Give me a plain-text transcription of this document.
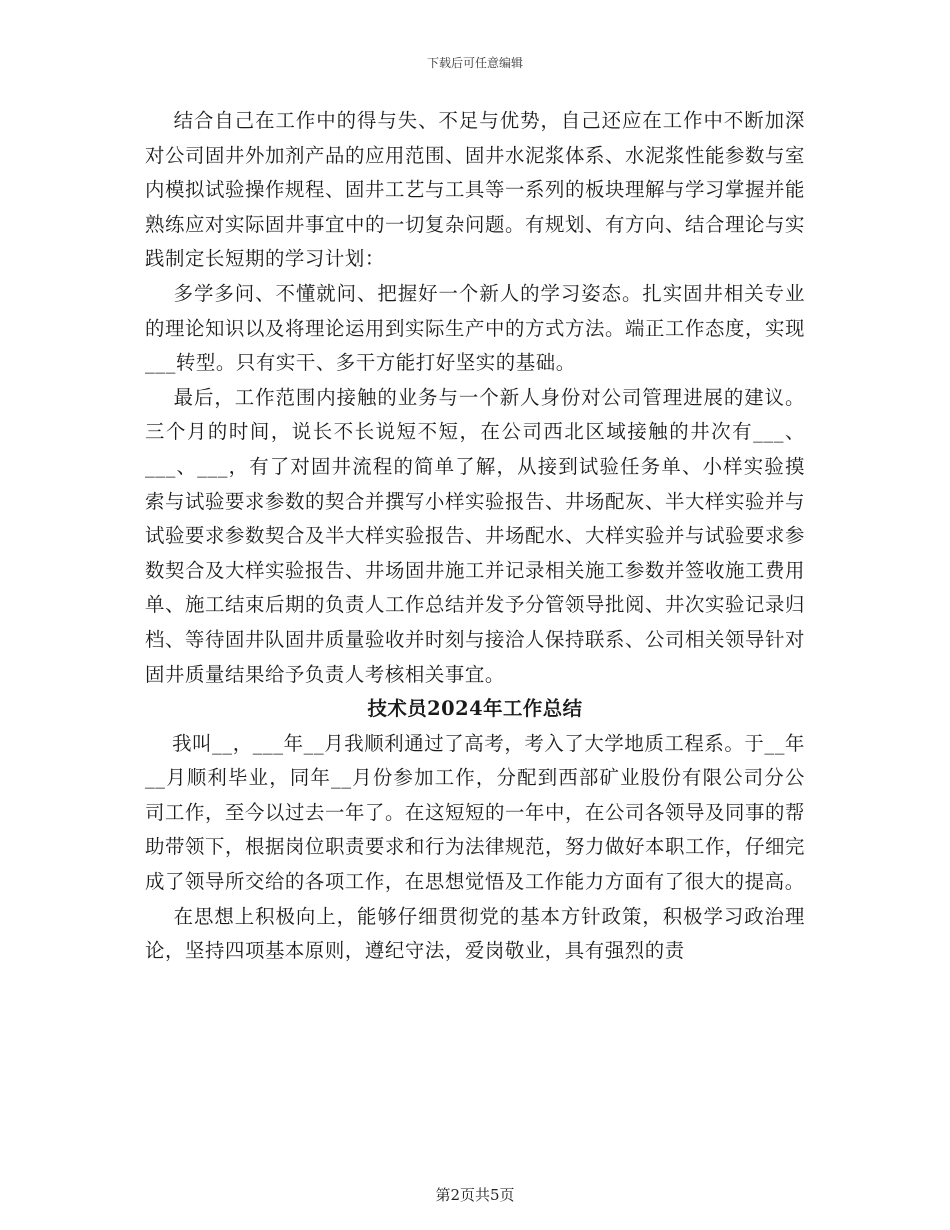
下载后可任意编辑

结合自己在工作中的得与失、不足与优势，自己还应在工作中不断加深对公司固井外加剂产品的应用范围、固井水泥浆体系、水泥浆性能参数与室内模拟试验操作规程、固井工艺与工具等一系列的板块理解与学习掌握并能熟练应对实际固井事宜中的一切复杂问题。有规划、有方向、结合理论与实践制定长短期的学习计划：

多学多问、不懂就问、把握好一个新人的学习姿态。扎实固井相关专业的理论知识以及将理论运用到实际生产中的方式方法。端正工作态度，实现___转型。只有实干、多干方能打好坚实的基础。

最后，工作范围内接触的业务与一个新人身份对公司管理进展的建议。三个月的时间，说长不长说短不短，在公司西北区域接触的井次有___、___、___，有了对固井流程的简单了解，从接到试验任务单、小样实验摸索与试验要求参数的契合并撰写小样实验报告、井场配灰、半大样实验并与试验要求参数契合及半大样实验报告、井场配水、大样实验并与试验要求参数契合及大样实验报告、井场固井施工并记录相关施工参数并签收施工费用单、施工结束后期的负责人工作总结并发予分管领导批阅、井次实验记录归档、等待固井队固井质量验收并时刻与接洽人保持联系、公司相关领导针对固井质量结果给予负责人考核相关事宜。

技术员2024年工作总结

我叫__，___年__月我顺利通过了高考，考入了大学地质工程系。于__年__月顺利毕业，同年__月份参加工作，分配到西部矿业股份有限公司分公司工作，至今以过去一年了。在这短短的一年中，在公司各领导及同事的帮助带领下，根据岗位职责要求和行为法律规范，努力做好本职工作，仔细完成了领导所交给的各项工作，在思想觉悟及工作能力方面有了很大的提高。

在思想上积极向上，能够仔细贯彻党的基本方针政策，积极学习政治理论，坚持四项基本原则，遵纪守法，爱岗敬业，具有强烈的责

第2页共5页
